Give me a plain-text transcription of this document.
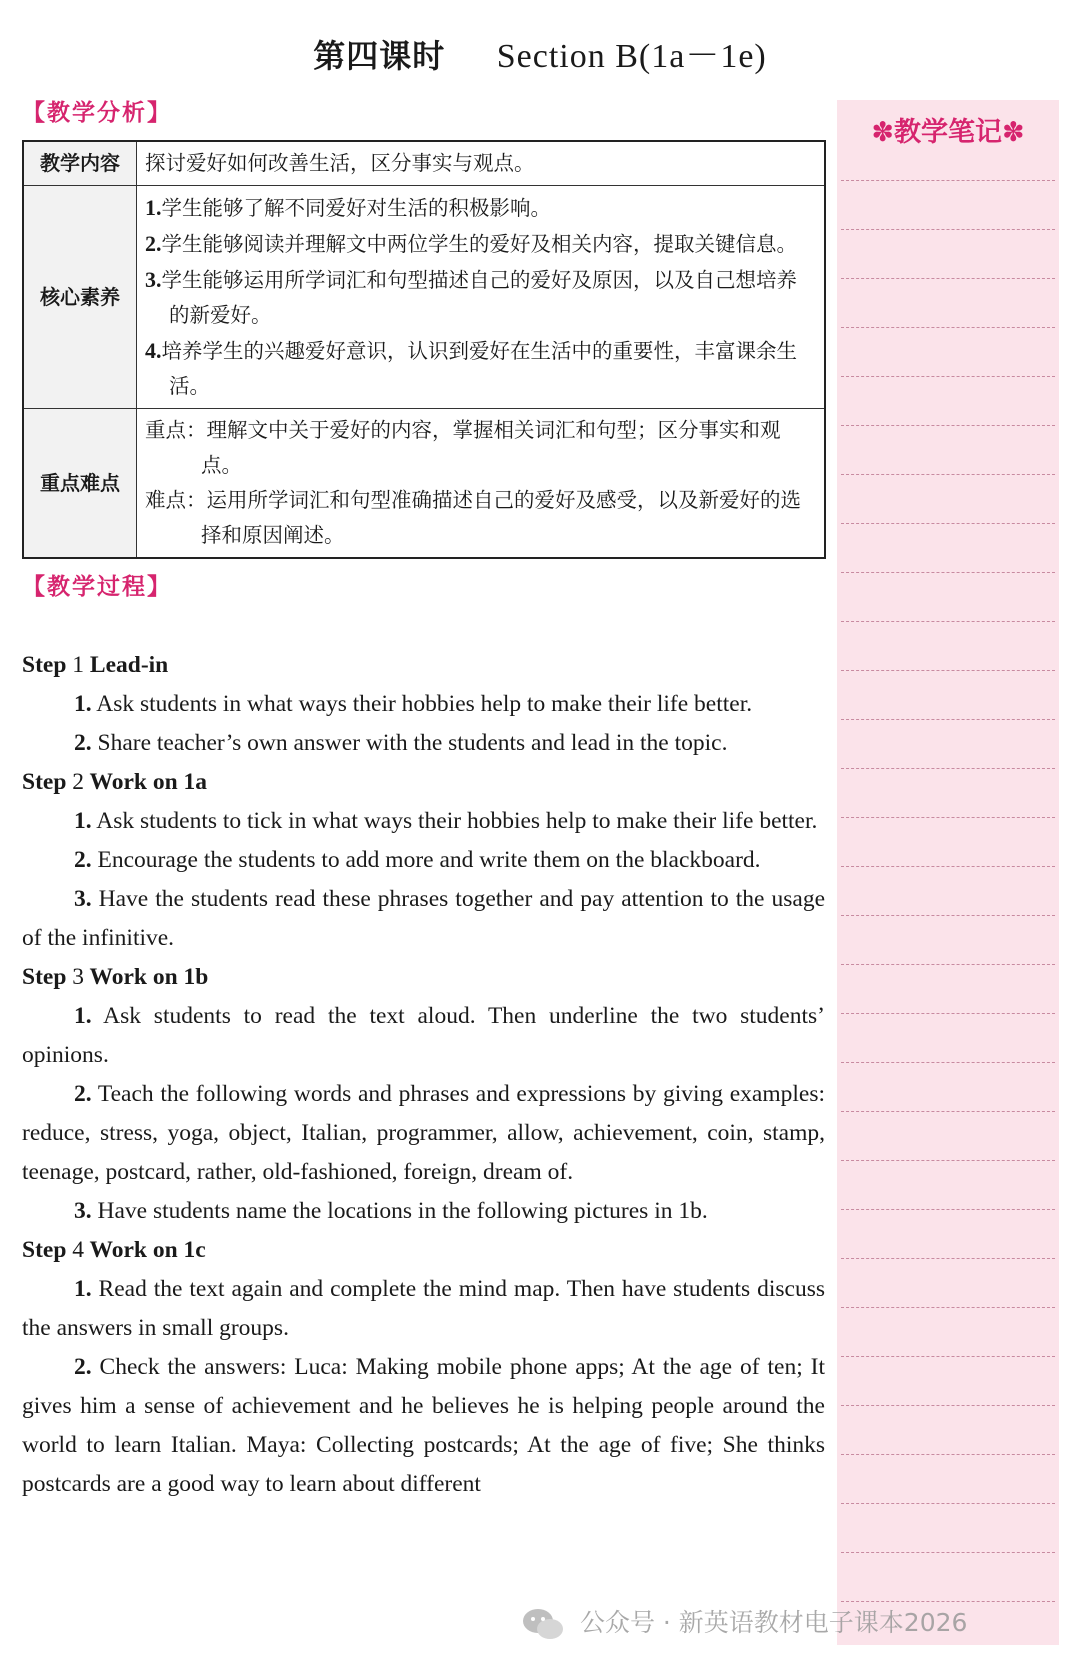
第四课时 Section B(1a－1e)
【教学分析】
教学内容	探讨爱好如何改善生活，区分事实与观点。
核心素养	1.学生能够了解不同爱好对生活的积极影响。
2.学生能够阅读并理解文中两位学生的爱好及相关内容，提取关键信息。
3.学生能够运用所学词汇和句型描述自己的爱好及原因，以及自己想培养的新爱好。
4.培养学生的兴趣爱好意识，认识到爱好在生活中的重要性，丰富课余生活。

重点难点	重点：理解文中关于爱好的内容，掌握相关词汇和句型；区分事实和观点。
难点：运用所学词汇和句型准确描述自己的爱好及感受，以及新爱好的选择和原因阐述。
【教学过程】
Step 1 Lead-in
1. Ask students in what ways their hobbies help to make their life better.
2. Share teacher’s own answer with the students and lead in the topic.
Step 2 Work on 1a
1. Ask students to tick in what ways their hobbies help to make their life better.
2. Encourage the students to add more and write them on the blackboard.
3. Have the students read these phrases together and pay attention to the usage of the infinitive.
Step 3 Work on 1b
1. Ask students to read the text aloud. Then underline the two students’ opinions.
2. Teach the following words and phrases and expressions by giving examples: reduce, stress, yoga, object, Italian, programmer, allow, achievement, coin, stamp, teenage, postcard, rather, old-fashioned, foreign, dream of.
3. Have students name the locations in the following pictures in 1b.
Step 4 Work on 1c
1. Read the text again and complete the mind map. Then have students discuss the answers in small groups.
2. Check the answers: Luca: Making mobile phone apps; At the age of ten; It gives him a sense of achievement and he believes he is helping people around the world to learn Italian. Maya: Collecting postcards; At the age of five; She thinks postcards are a good way to learn about different
✽教学笔记✽
公众号 · 新英语教材电子课本2026
